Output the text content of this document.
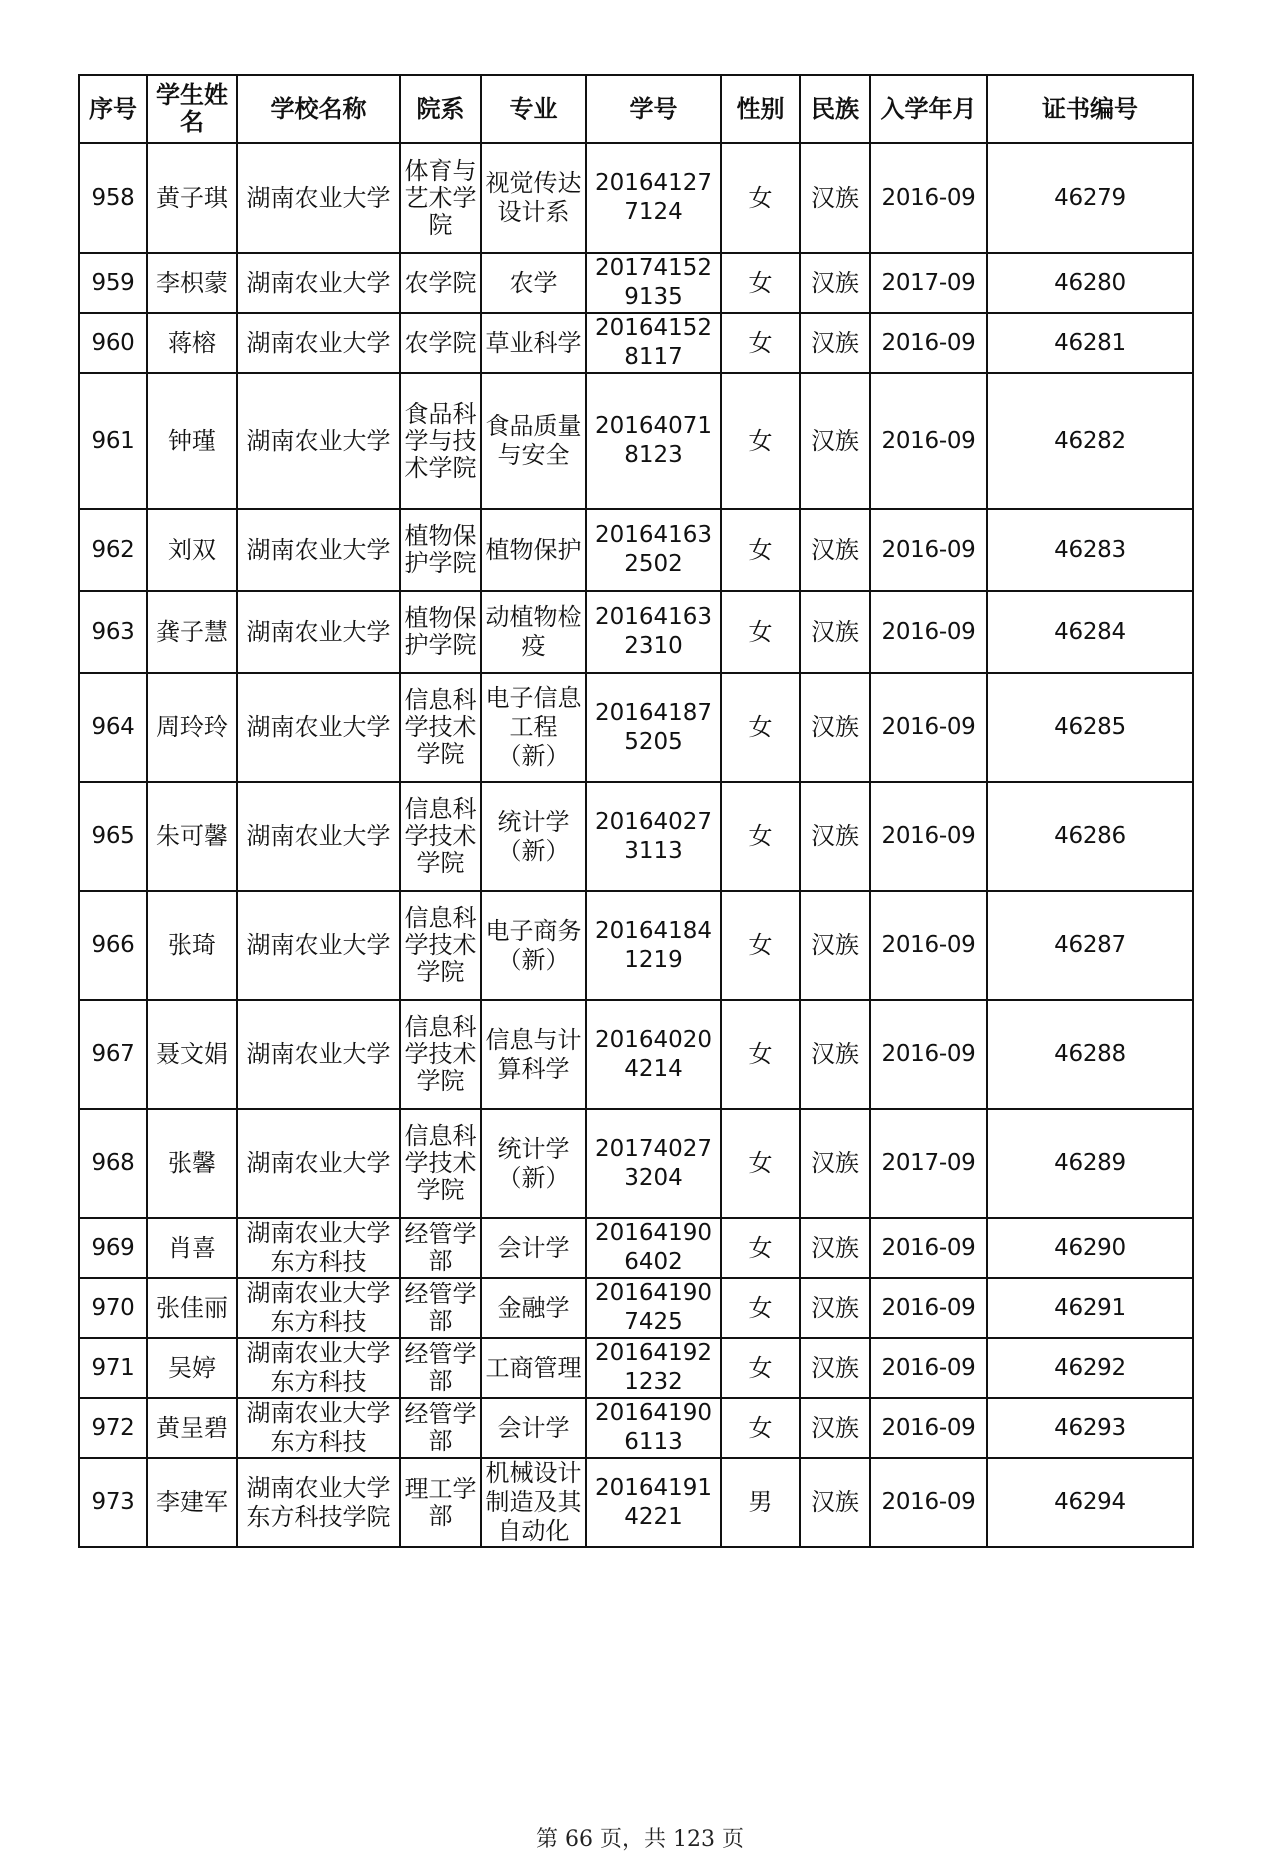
序号	学生姓名	学校名称	院系	专业	学号	性别	民族	入学年月	证书编号
958	黄子琪	湖南农业大学	体育与艺术学院	视觉传达设计系	201641277124	女	汉族	2016-09	46279
959	李枳蒙	湖南农业大学	农学院	农学	201741529135	女	汉族	2017-09	46280
960	蒋榕	湖南农业大学	农学院	草业科学	201641528117	女	汉族	2016-09	46281
961	钟瑾	湖南农业大学	食品科学与技术学院	食品质量与安全	201640718123	女	汉族	2016-09	46282
962	刘双	湖南农业大学	植物保护学院	植物保护	201641632502	女	汉族	2016-09	46283
963	龚子慧	湖南农业大学	植物保护学院	动植物检疫	201641632310	女	汉族	2016-09	46284
964	周玲玲	湖南农业大学	信息科学技术学院	电子信息工程（新）	201641875205	女	汉族	2016-09	46285
965	朱可馨	湖南农业大学	信息科学技术学院	统计学（新）	201640273113	女	汉族	2016-09	46286
966	张琦	湖南农业大学	信息科学技术学院	电子商务（新）	201641841219	女	汉族	2016-09	46287
967	聂文娟	湖南农业大学	信息科学技术学院	信息与计算科学	201640204214	女	汉族	2016-09	46288
968	张馨	湖南农业大学	信息科学技术学院	统计学（新）	201740273204	女	汉族	2017-09	46289
969	肖喜	湖南农业大学东方科技	经管学部	会计学	201641906402	女	汉族	2016-09	46290
970	张佳丽	湖南农业大学东方科技	经管学部	金融学	201641907425	女	汉族	2016-09	46291
971	吴婷	湖南农业大学东方科技	经管学部	工商管理	201641921232	女	汉族	2016-09	46292
972	黄呈碧	湖南农业大学东方科技	经管学部	会计学	201641906113	女	汉族	2016-09	46293
973	李建军	湖南农业大学东方科技学院	理工学部	机械设计制造及其自动化	201641914221	男	汉族	2016-09	46294
第 66 页，共 123 页
